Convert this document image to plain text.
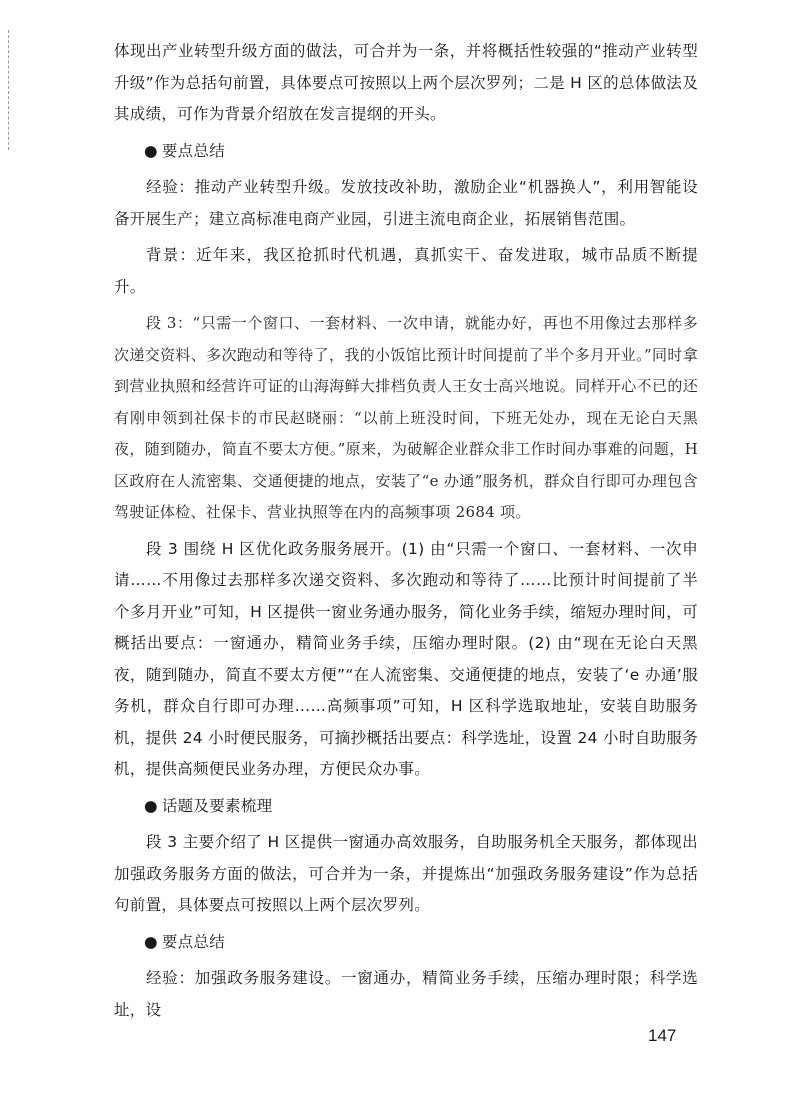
体现出产业转型升级方面的做法，可合并为一条，并将概括性较强的“推动产业转型升级”作为总括句前置，具体要点可按照以上两个层次罗列；二是 H 区的总体做法及其成绩，可作为背景介绍放在发言提纲的开头。

● 要点总结

经验：推动产业转型升级。发放技改补助，激励企业“机器换人”，利用智能设备开展生产；建立高标准电商产业园，引进主流电商企业，拓展销售范围。

背景：近年来，我区抢抓时代机遇，真抓实干、奋发进取，城市品质不断提升。

段 3：“只需一个窗口、一套材料、一次申请，就能办好，再也不用像过去那样多次递交资料、多次跑动和等待了，我的小饭馆比预计时间提前了半个多月开业。”同时拿到营业执照和经营许可证的山海海鲜大排档负责人王女士高兴地说。同样开心不已的还有刚申领到社保卡的市民赵晓丽：“以前上班没时间，下班无处办，现在无论白天黑夜，随到随办，简直不要太方便。”原来，为破解企业群众非工作时间办事难的问题，H 区政府在人流密集、交通便捷的地点，安装了“e 办通”服务机，群众自行即可办理包含驾驶证体检、社保卡、营业执照等在内的高频事项 2684 项。

段 3 围绕 H 区优化政务服务展开。(1) 由“只需一个窗口、一套材料、一次申请……不用像过去那样多次递交资料、多次跑动和等待了……比预计时间提前了半个多月开业”可知，H 区提供一窗业务通办服务，简化业务手续，缩短办理时间，可概括出要点：一窗通办，精简业务手续，压缩办理时限。(2) 由“现在无论白天黑夜，随到随办，简直不要太方便”“在人流密集、交通便捷的地点，安装了‘e 办通’服务机，群众自行即可办理……高频事项”可知，H 区科学选取地址，安装自助服务机，提供 24 小时便民服务，可摘抄概括出要点：科学选址，设置 24 小时自助服务机，提供高频便民业务办理，方便民众办事。

● 话题及要素梳理

段 3 主要介绍了 H 区提供一窗通办高效服务，自助服务机全天服务，都体现出加强政务服务方面的做法，可合并为一条，并提炼出“加强政务服务建设”作为总括句前置，具体要点可按照以上两个层次罗列。

● 要点总结

经验：加强政务服务建设。一窗通办，精简业务手续，压缩办理时限；科学选址，设

147
